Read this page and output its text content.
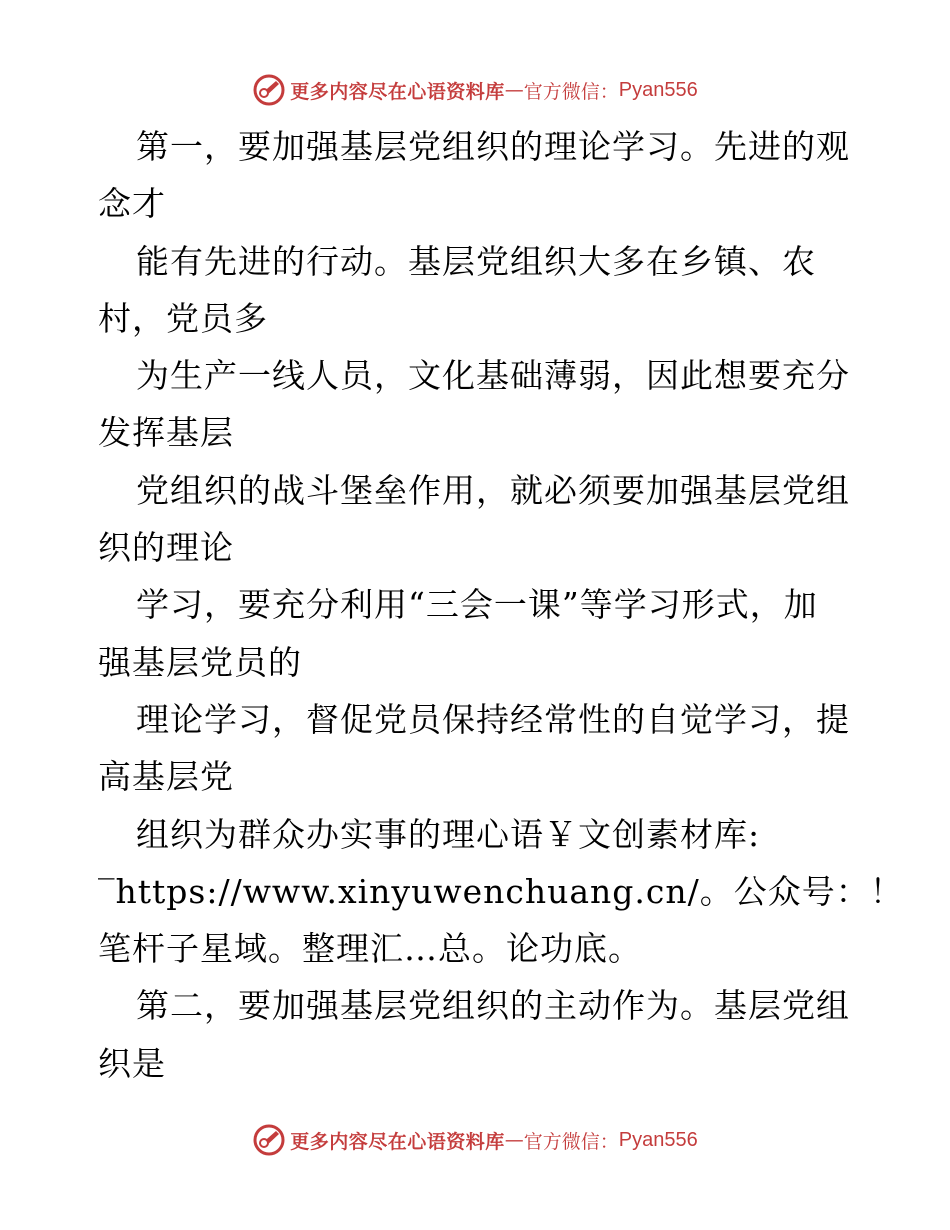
更多内容尽在心语资料库 — 官方微信： Pyan556
第一，要加强基层党组织的理论学习。先进的观
念才
能有先进的行动。基层党组织大多在乡镇、农
村，党员多
为生产一线人员，文化基础薄弱，因此想要充分
发挥基层
党组织的战斗堡垒作用，就必须要加强基层党组
织的理论
学习，要充分利用“三会一课”等学习形式，加
强基层党员的
理论学习，督促党员保持经常性的自觉学习，提
高基层党
组织为群众办实事的理心语￥文创素材库:
‾https://www.xinyuwenchuang.cn/。公众号：！
笔杆子星域。整理汇…总。论功底。
第二，要加强基层党组织的主动作为。基层党组
织是
更多内容尽在心语资料库 — 官方微信： Pyan556
